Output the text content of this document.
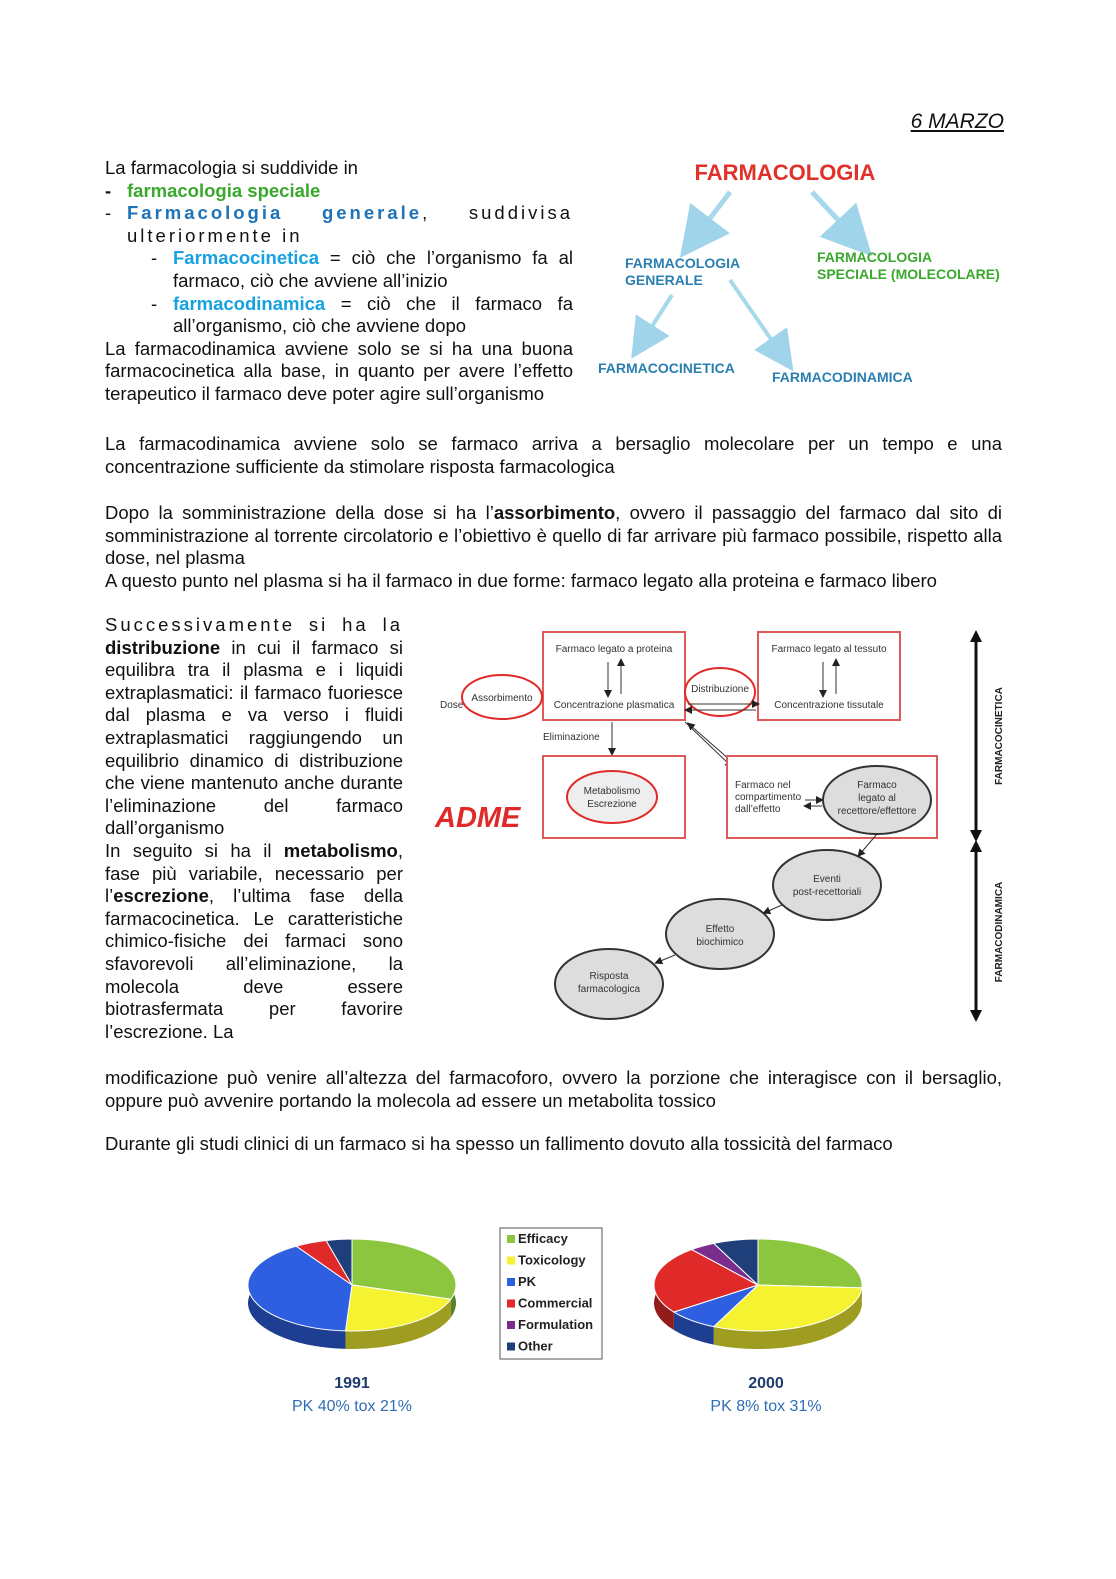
6 MARZO

La farmacologia si suddivide in

- farmacologia speciale
- Farmacologia generale, suddivisa ulteriormente in
- Farmacocinetica = ciò che l’organismo fa al farmaco, ciò che avviene all’inizio
- farmacodinamica = ciò che il farmaco fa all’organismo, ciò che avviene dopo

La farmacodinamica avviene solo se si ha una buona farmacocinetica alla base, in quanto per avere l’effetto terapeutico il farmaco deve poter agire sull’organismo

La farmacodinamica avviene solo se farmaco arriva a bersaglio molecolare per un tempo e una concentrazione sufficiente da stimolare risposta farmacologica

FARMACOLOGIA
FARMACOLOGIA
GENERALE
FARMACOLOGIA
SPECIALE (MOLECOLARE)
FARMACOCINETICA
FARMACODINAMICA

Dopo la somministrazione della dose si ha l’assorbimento, ovvero il passaggio del farmaco dal sito di somministrazione al torrente circolatorio e l’obiettivo è quello di far arrivare più farmaco possibile, rispetto alla dose, nel plasma

A questo punto nel plasma si ha il farmaco in due forme: farmaco legato alla proteina e farmaco libero

Successivamente si ha la distribuzione in cui il farmaco si equilibra tra il plasma e i liquidi extraplasmatici: il farmaco fuoriesce dal plasma e va verso i fluidi extraplasmatici raggiungendo un equilibrio dinamico di distribuzione che viene mantenuto anche durante l’eliminazione del farmaco dall’organismo

In seguito si ha il metabolismo, fase più variabile, necessario per l’escrezione, l’ultima fase della farmacocinetica. Le caratteristiche chimico-fisiche dei farmaci sono sfavorevoli all’eliminazione, la molecola deve essere biotrasfermata per favorire l’escrezione. La

modificazione può venire all’altezza del farmacoforo, ovvero la porzione che interagisce con il bersaglio, oppure può avvenire portando la molecola ad essere un metabolita tossico

Durante gli studi clinici di un farmaco si ha spesso un fallimento dovuto alla tossicità del farmaco

Farmaco legato a proteina
Concentrazione plasmatica
Farmaco legato al tessuto
Concentrazione tissutale
Dose
Assorbimento
Distribuzione
Eliminazione
Metabolismo
Escrezione
ADME
Farmaco nel
compartimento
dall’effetto
Farmaco
legato al
recettore/effettore
Eventi
post-recettoriali
Effetto
biochimico
Risposta
farmacologica
FARMACOCINETICA
FARMACODINAMICA
Efficacy
Toxicology
PK
Commercial
Formulation
Other
1991
PK 40% tox 21%
2000
PK 8% tox 31%
